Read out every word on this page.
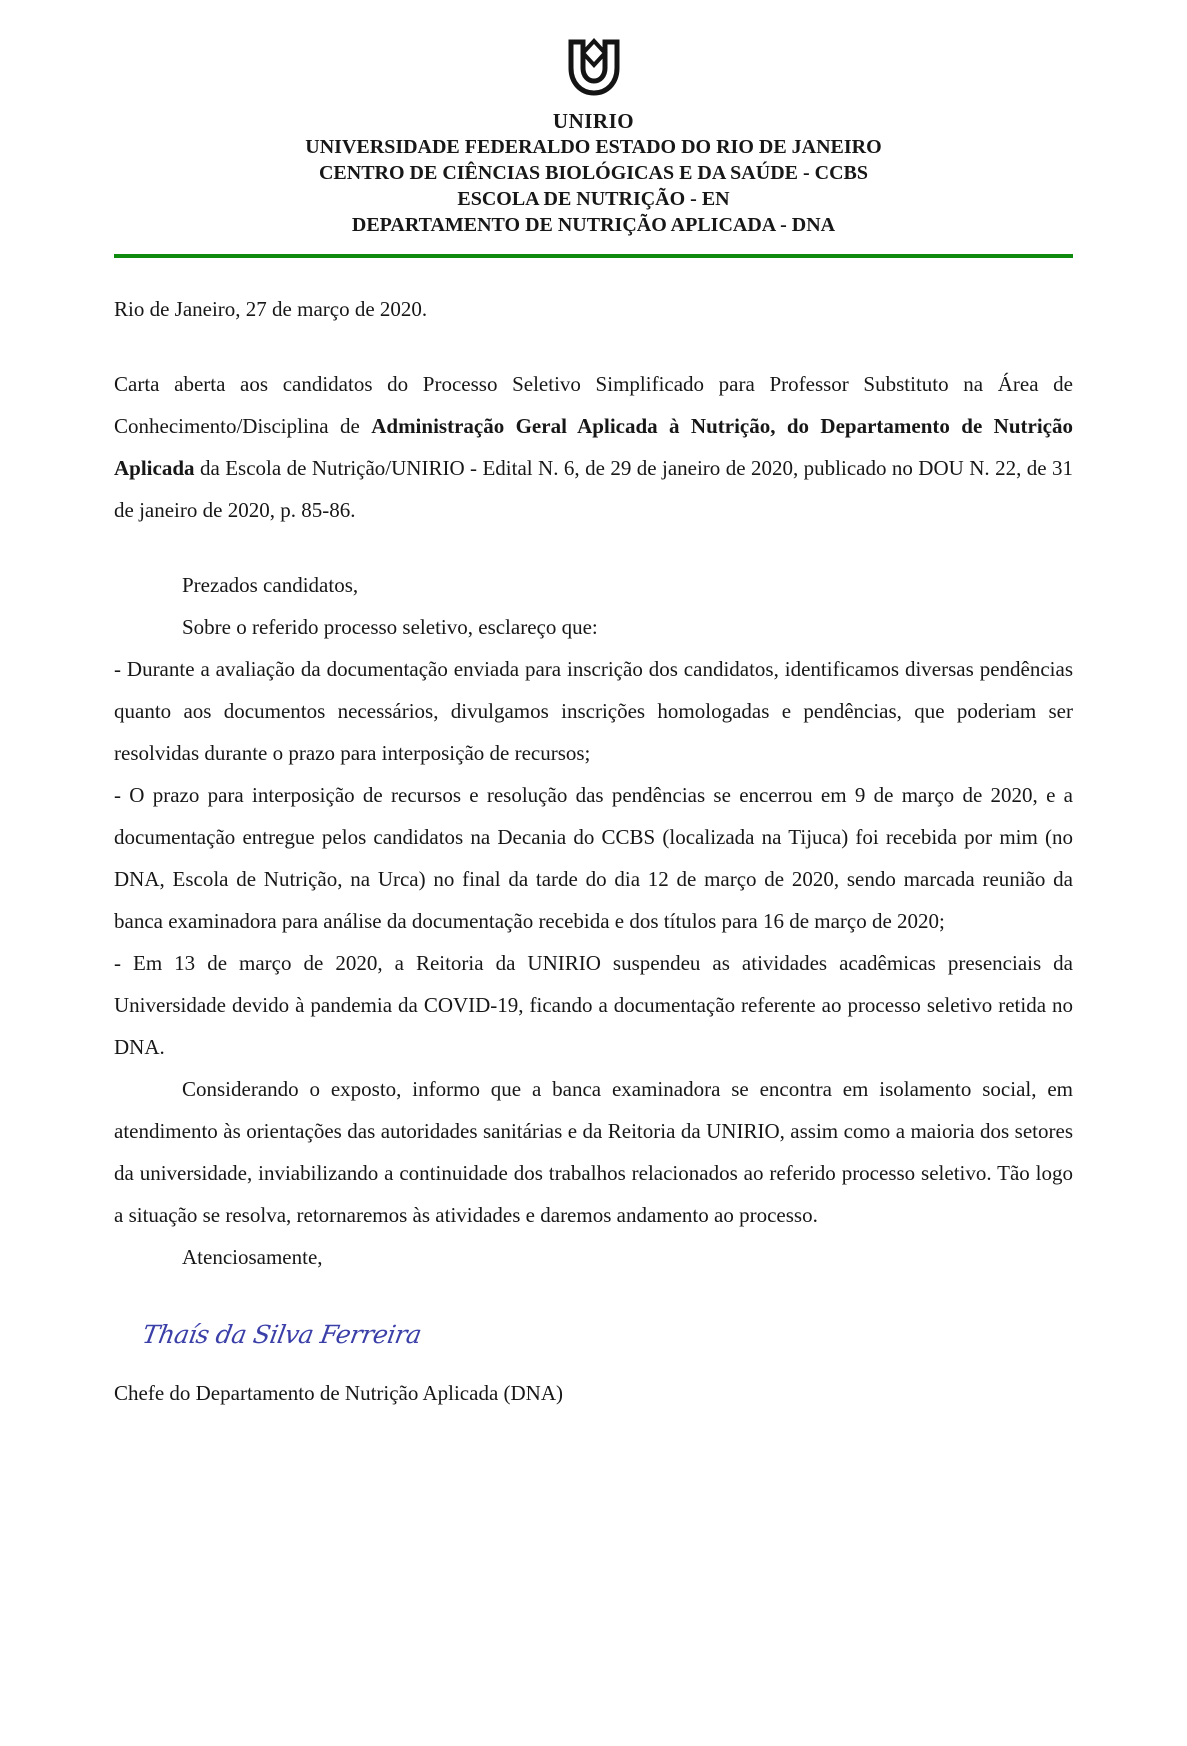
UNIRIO
UNIVERSIDADE FEDERALDO ESTADO DO RIO DE JANEIRO
CENTRO DE CIÊNCIAS BIOLÓGICAS E DA SAÚDE - CCBS
ESCOLA DE NUTRIÇÃO - EN
DEPARTAMENTO DE NUTRIÇÃO APLICADA - DNA

Rio de Janeiro, 27 de março de 2020.

Carta aberta aos candidatos do Processo Seletivo Simplificado para Professor Substituto na Área de Conhecimento/Disciplina de Administração Geral Aplicada à Nutrição, do Departamento de Nutrição Aplicada da Escola de Nutrição/UNIRIO - Edital N. 6, de 29 de janeiro de 2020, publicado no DOU N. 22, de 31 de janeiro de 2020, p. 85-86.

Prezados candidatos,

Sobre o referido processo seletivo, esclareço que:

- Durante a avaliação da documentação enviada para inscrição dos candidatos, identificamos diversas pendências quanto aos documentos necessários, divulgamos inscrições homologadas e pendências, que poderiam ser resolvidas durante o prazo para interposição de recursos;

- O prazo para interposição de recursos e resolução das pendências se encerrou em 9 de março de 2020, e a documentação entregue pelos candidatos na Decania do CCBS (localizada na Tijuca) foi recebida por mim (no DNA, Escola de Nutrição, na Urca) no final da tarde do dia 12 de março de 2020, sendo marcada reunião da banca examinadora para análise da documentação recebida e dos títulos para 16 de março de 2020;

- Em 13 de março de 2020, a Reitoria da UNIRIO suspendeu as atividades acadêmicas presenciais da Universidade devido à pandemia da COVID-19, ficando a documentação referente ao processo seletivo retida no DNA.

Considerando o exposto, informo que a banca examinadora se encontra em isolamento social, em atendimento às orientações das autoridades sanitárias e da Reitoria da UNIRIO, assim como a maioria dos setores da universidade, inviabilizando a continuidade dos trabalhos relacionados ao referido processo seletivo. Tão logo a situação se resolva, retornaremos às atividades e daremos andamento ao processo.

Atenciosamente,

Thaís da Silva Ferreira

Chefe do Departamento de Nutrição Aplicada (DNA)
